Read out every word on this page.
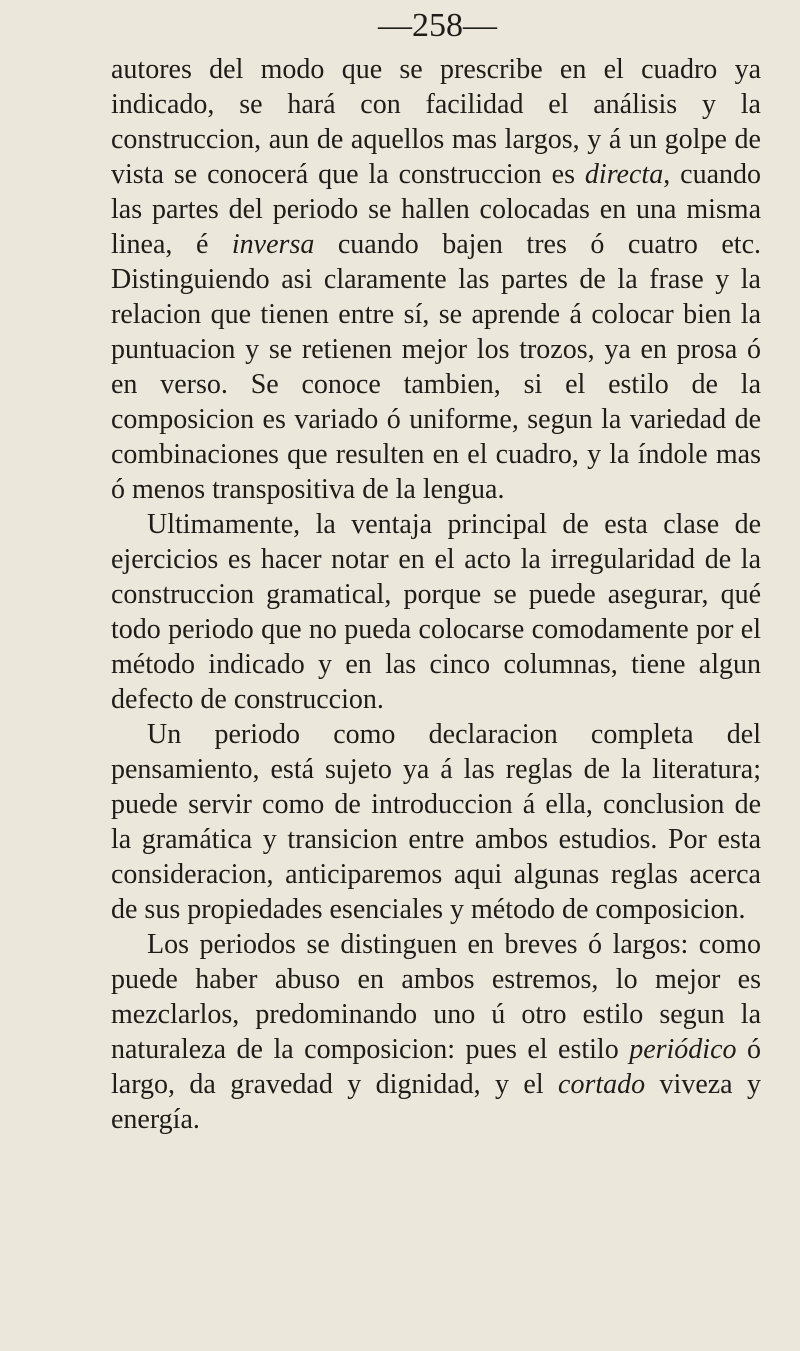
—258—

autores del modo que se prescribe en el cuadro ya indicado, se hará con facilidad el análisis y la construccion, aun de aquellos mas largos, y á un golpe de vista se conocerá que la construccion es directa, cuando las partes del periodo se hallen colocadas en una misma linea, é inversa cuando bajen tres ó cuatro etc. Distinguiendo asi claramente las partes de la frase y la relacion que tienen entre sí, se aprende á colocar bien la puntuacion y se retienen mejor los trozos, ya en prosa ó en verso. Se conoce tambien, si el estilo de la composicion es variado ó uniforme, segun la variedad de combinaciones que resulten en el cuadro, y la índole mas ó menos transpositiva de la lengua.

Ultimamente, la ventaja principal de esta clase de ejercicios es hacer notar en el acto la irregularidad de la construccion gramatical, porque se puede asegurar, qué todo periodo que no pueda colocarse comodamente por el método indicado y en las cinco columnas, tiene algun defecto de construccion.

Un periodo como declaracion completa del pensamiento, está sujeto ya á las reglas de la literatura; puede servir como de introduccion á ella, conclusion de la gramática y transicion entre ambos estudios. Por esta consideracion, anticiparemos aqui algunas reglas acerca de sus propiedades esenciales y método de composicion.

Los periodos se distinguen en breves ó largos: como puede haber abuso en ambos estremos, lo mejor es mezclarlos, predominando uno ú otro estilo segun la naturaleza de la composicion: pues el estilo periódico ó largo, da gravedad y dignidad, y el cortado viveza y energía.
